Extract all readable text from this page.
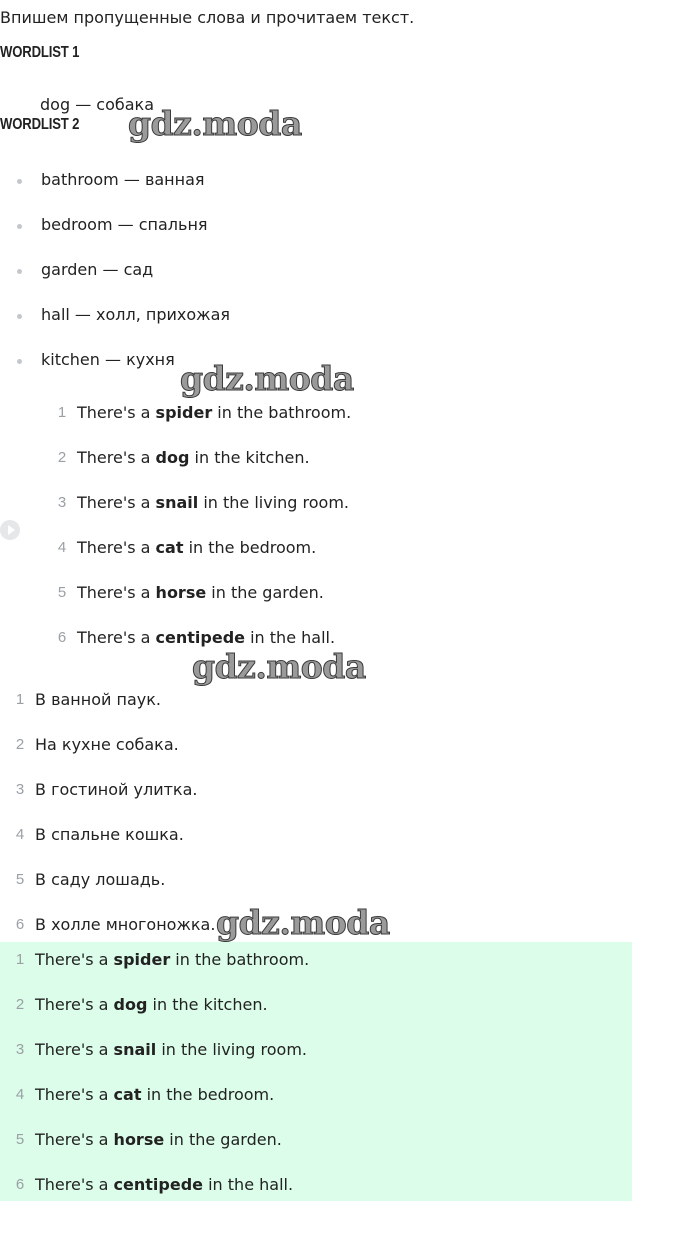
Впишем пропущенные слова и прочитаем текст.
WORDLIST 1
dog — собака
WORDLIST 2
bathroom — ванная
bedroom — спальня
garden — сад
hall — холл, прихожая
kitchen — кухня
1 There's a spider in the bathroom.
2 There's a dog in the kitchen.
3 There's a snail in the living room.
4 There's a cat in the bedroom.
5 There's a horse in the garden.
6 There's a centipede in the hall.
1 В ванной паук.
2 На кухне собака.
3 В гостиной улитка.
4 В спальне кошка.
5 В саду лошадь.
6 В холле многоножка.
1 There's a spider in the bathroom.
2 There's a dog in the kitchen.
3 There's a snail in the living room.
4 There's a cat in the bedroom.
5 There's a horse in the garden.
6 There's a centipede in the hall.
gdz.moda
gdz.moda
gdz.moda
gdz.moda
